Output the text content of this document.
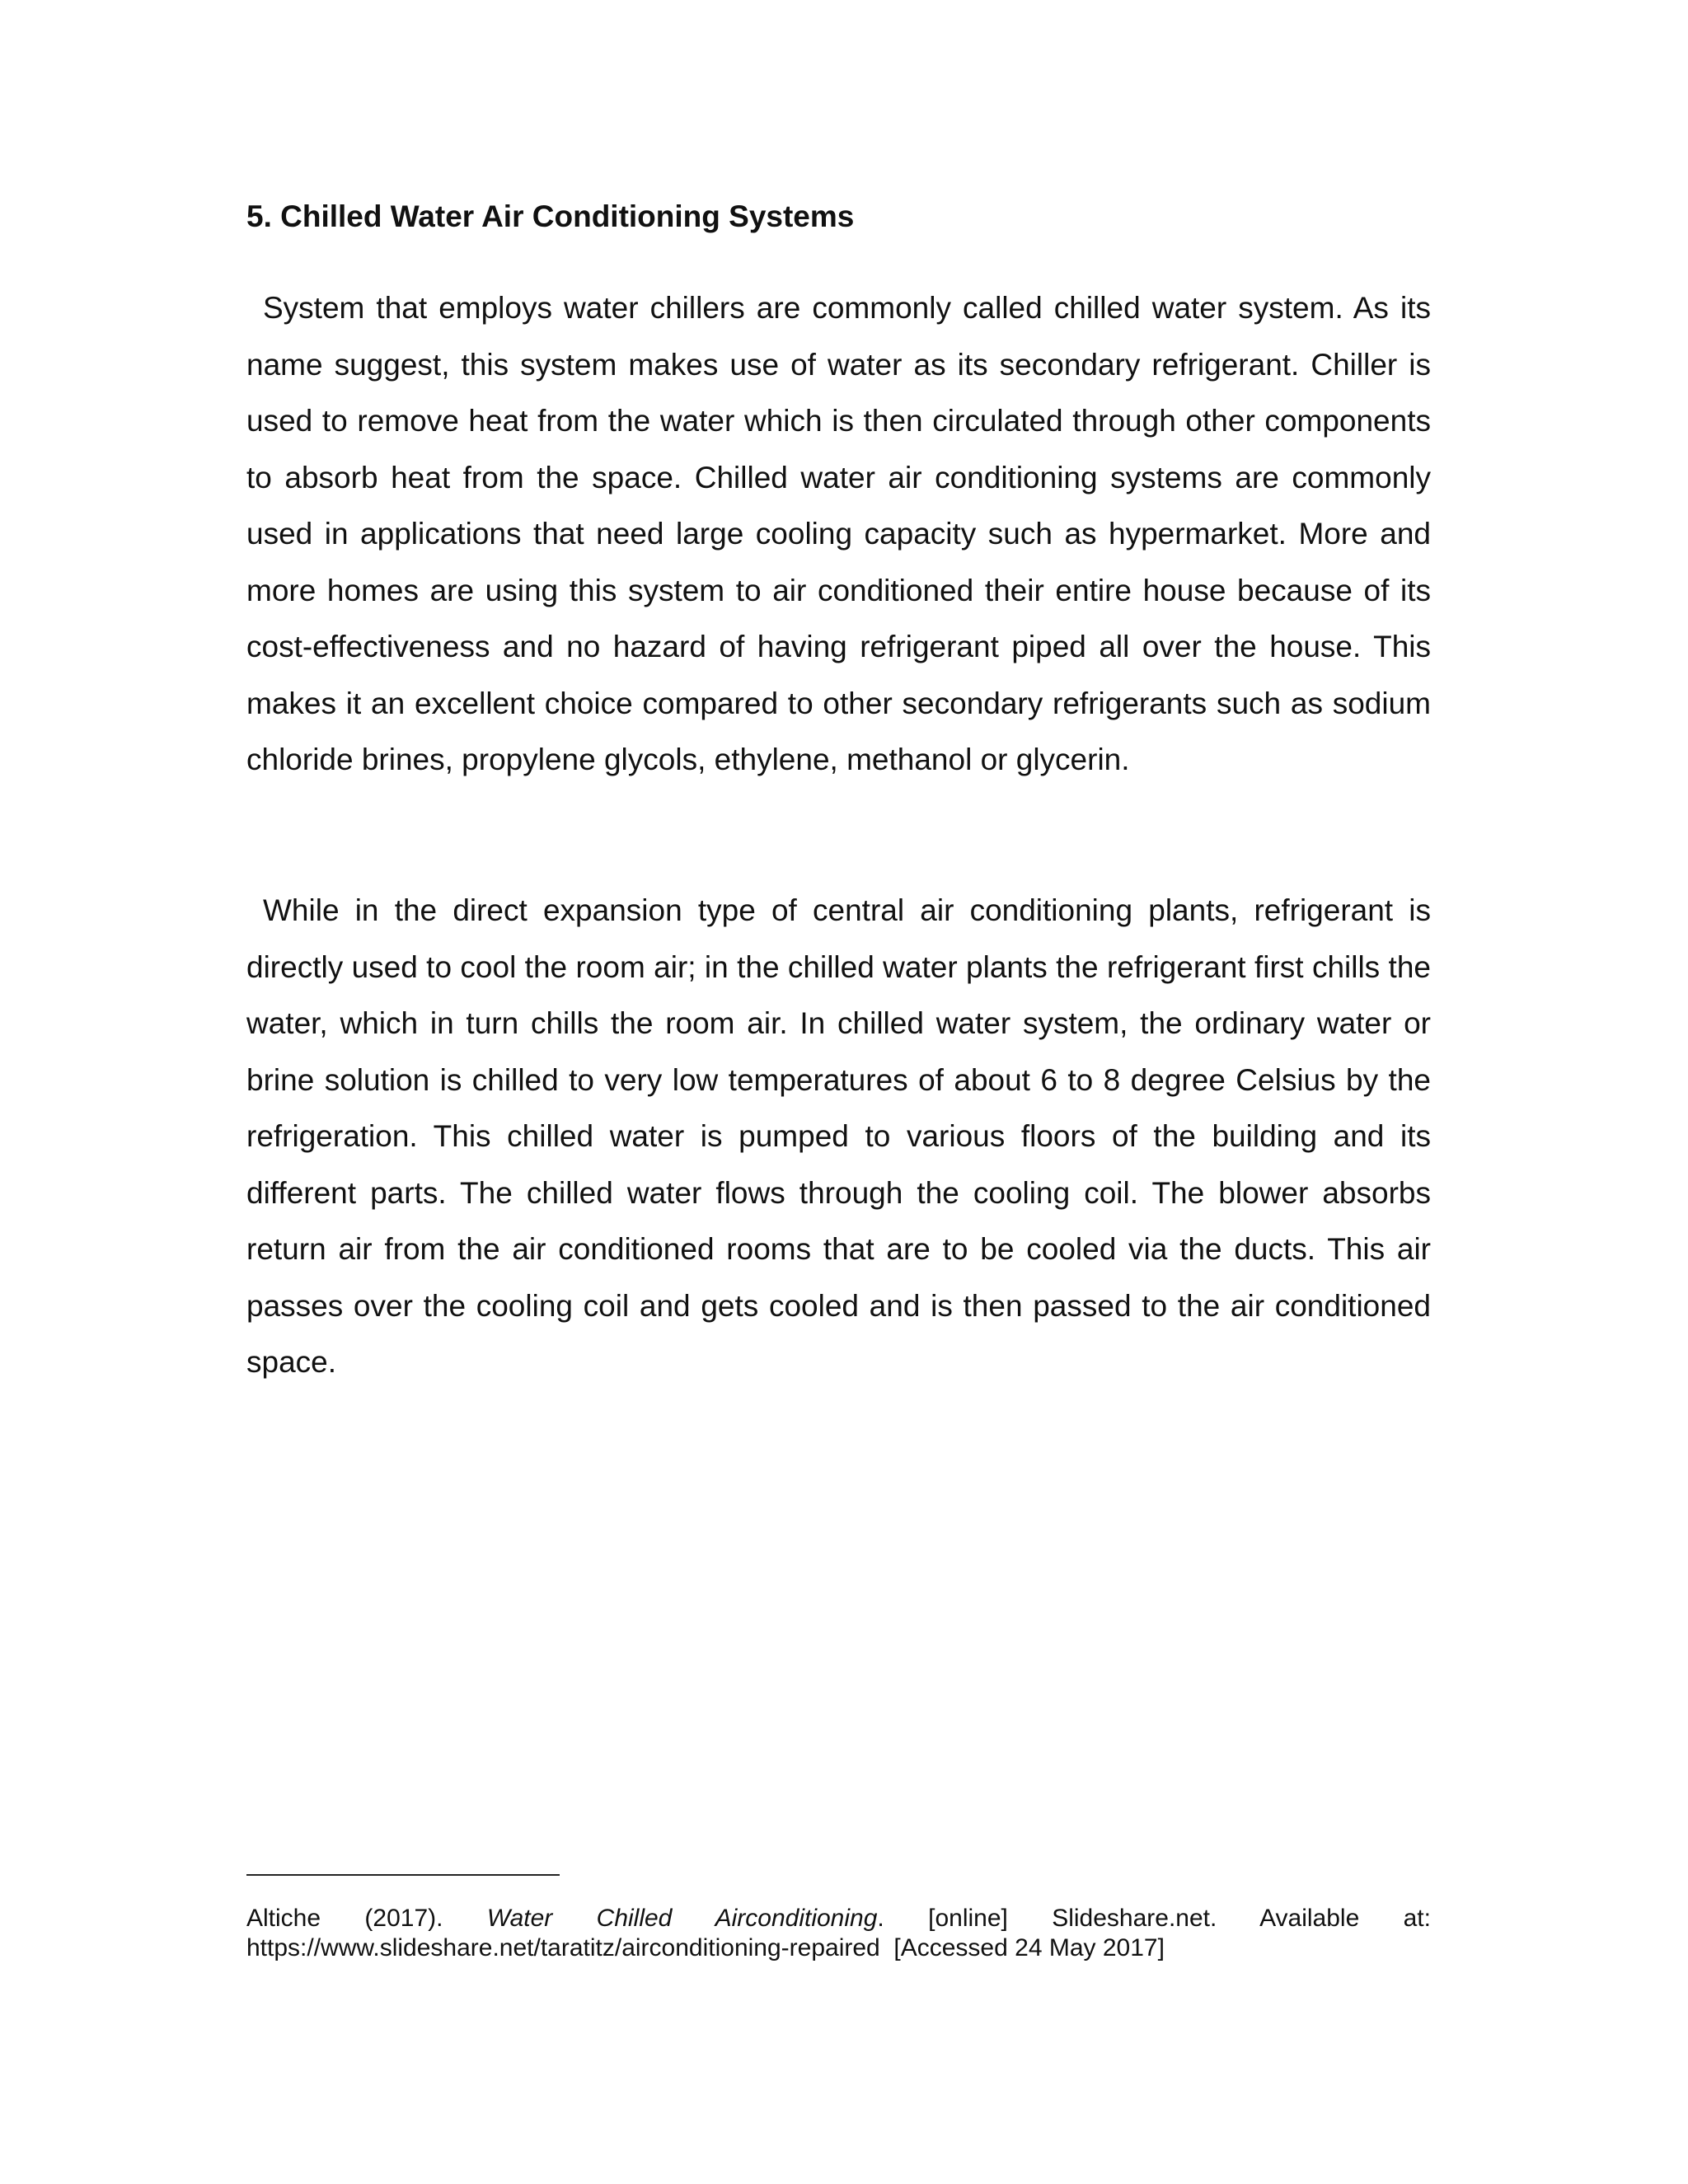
5. Chilled Water Air Conditioning Systems

System that employs water chillers are commonly called chilled water system. As its name suggest, this system makes use of water as its secondary refrigerant. Chiller is used to remove heat from the water which is then circulated through other components to absorb heat from the space. Chilled water air conditioning systems are commonly used in applications that need large cooling capacity such as hypermarket. More and more homes are using this system to air conditioned their entire house because of its cost-effectiveness and no hazard of having refrigerant piped all over the house. This makes it an excellent choice compared to other secondary refrigerants such as sodium chloride brines, propylene glycols, ethylene, methanol or glycerin.

While in the direct expansion type of central air conditioning plants, refrigerant is directly used to cool the room air; in the chilled water plants the refrigerant first chills the water, which in turn chills the room air. In chilled water system, the ordinary water or brine solution is chilled to very low temperatures of about 6 to 8 degree Celsius by the refrigeration. This chilled water is pumped to various floors of the building and its different parts. The chilled water flows through the cooling coil. The blower absorbs return air from the air conditioned rooms that are to be cooled via the ducts. This air passes over the cooling coil and gets cooled and is then passed to the air conditioned space.

Altiche (2017). Water Chilled Airconditioning. [online] Slideshare.net. Available at:
https://www.slideshare.net/taratitz/airconditioning-repaired [Accessed 24 May 2017]
